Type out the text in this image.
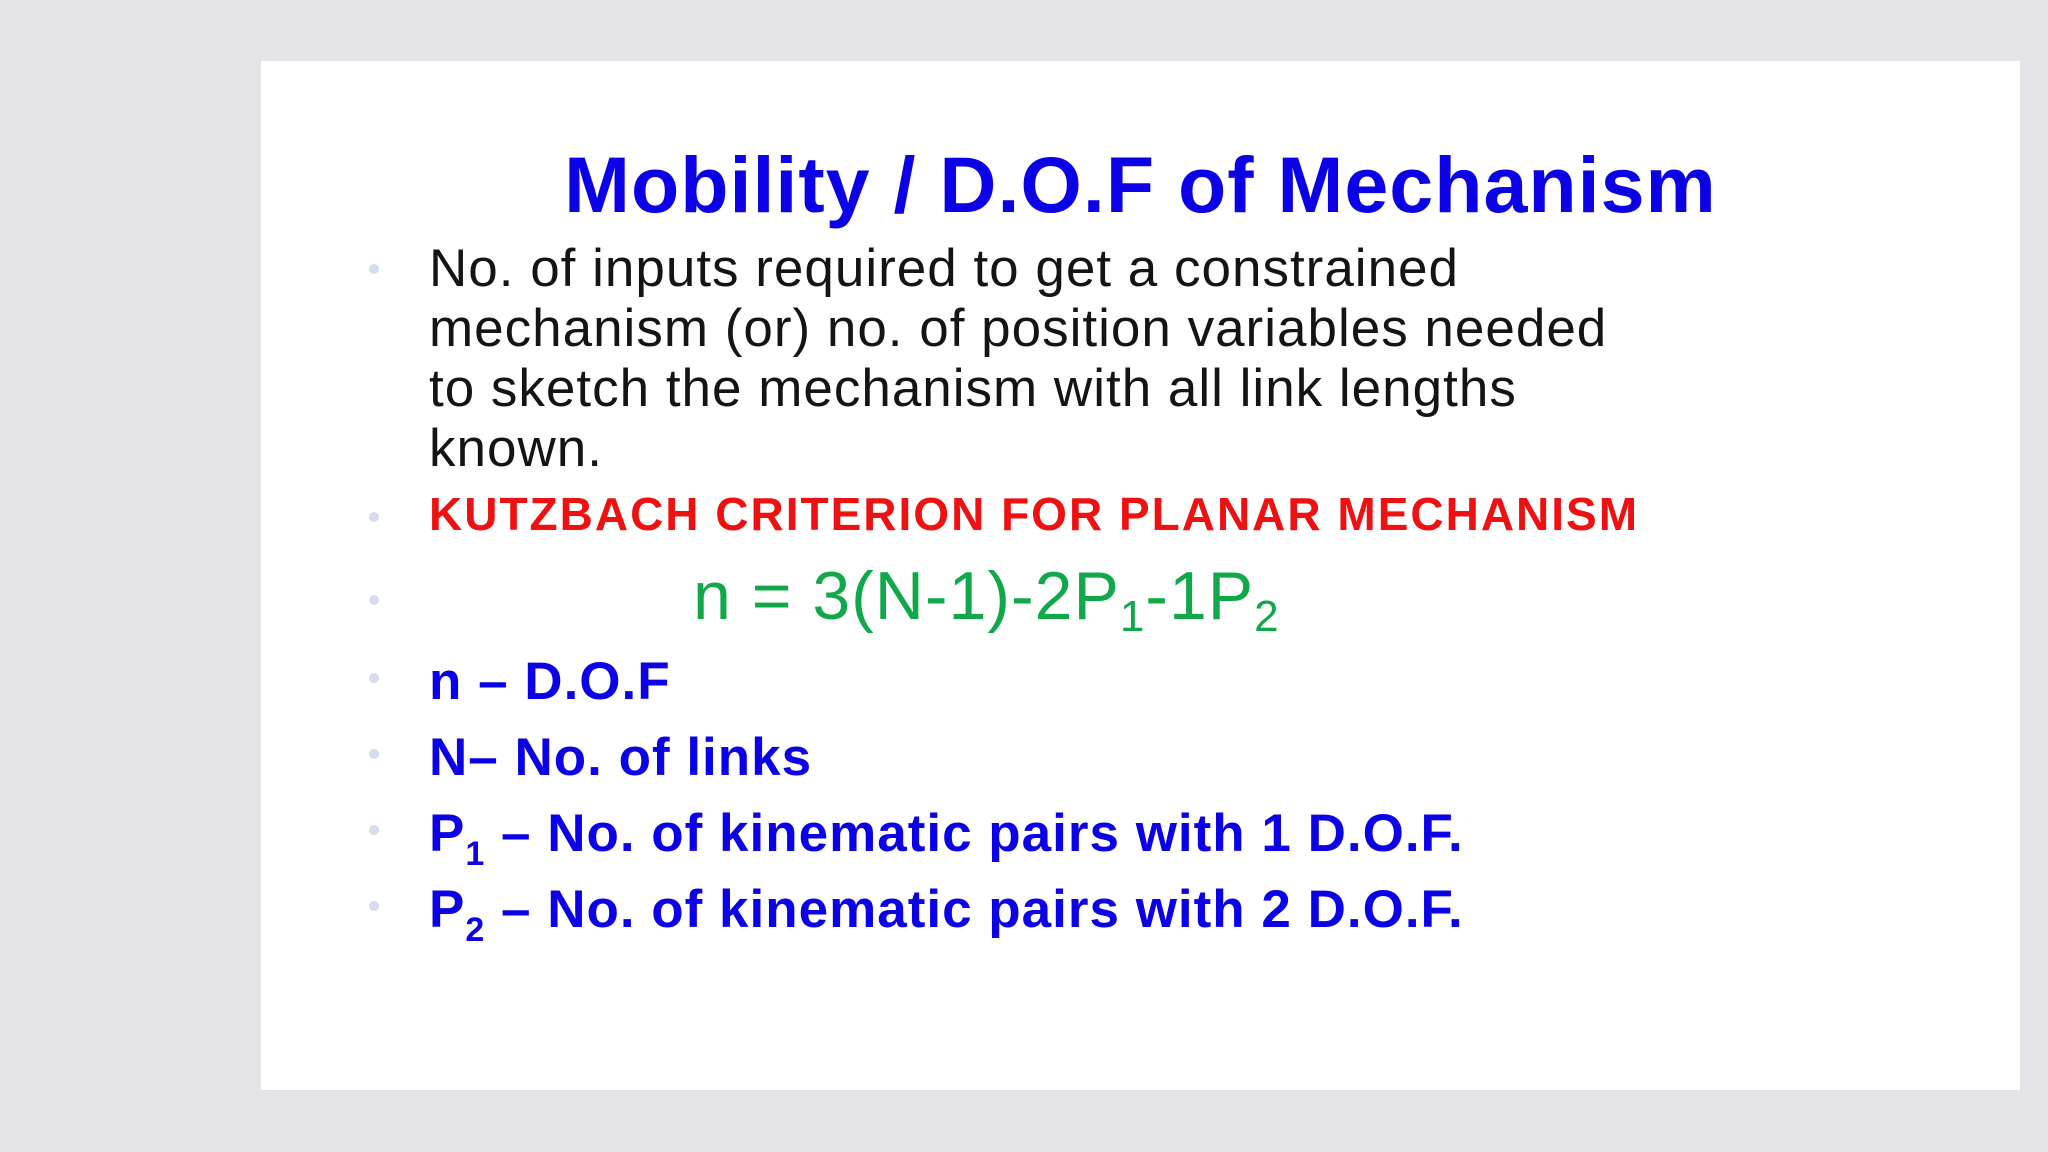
Mobility / D.O.F of Mechanism
No. of inputs required to get a constrained
mechanism (or) no. of position variables needed
to sketch the mechanism with all link lengths
known.
KUTZBACH CRITERION FOR PLANAR MECHANISM
$n = 3(N-1)-2P_1-1P_2$
n – D.O.F
N– No. of links
$P_1$ – No. of kinematic pairs with 1 D.O.F.
$P_2$ – No. of kinematic pairs with 2 D.O.F.
